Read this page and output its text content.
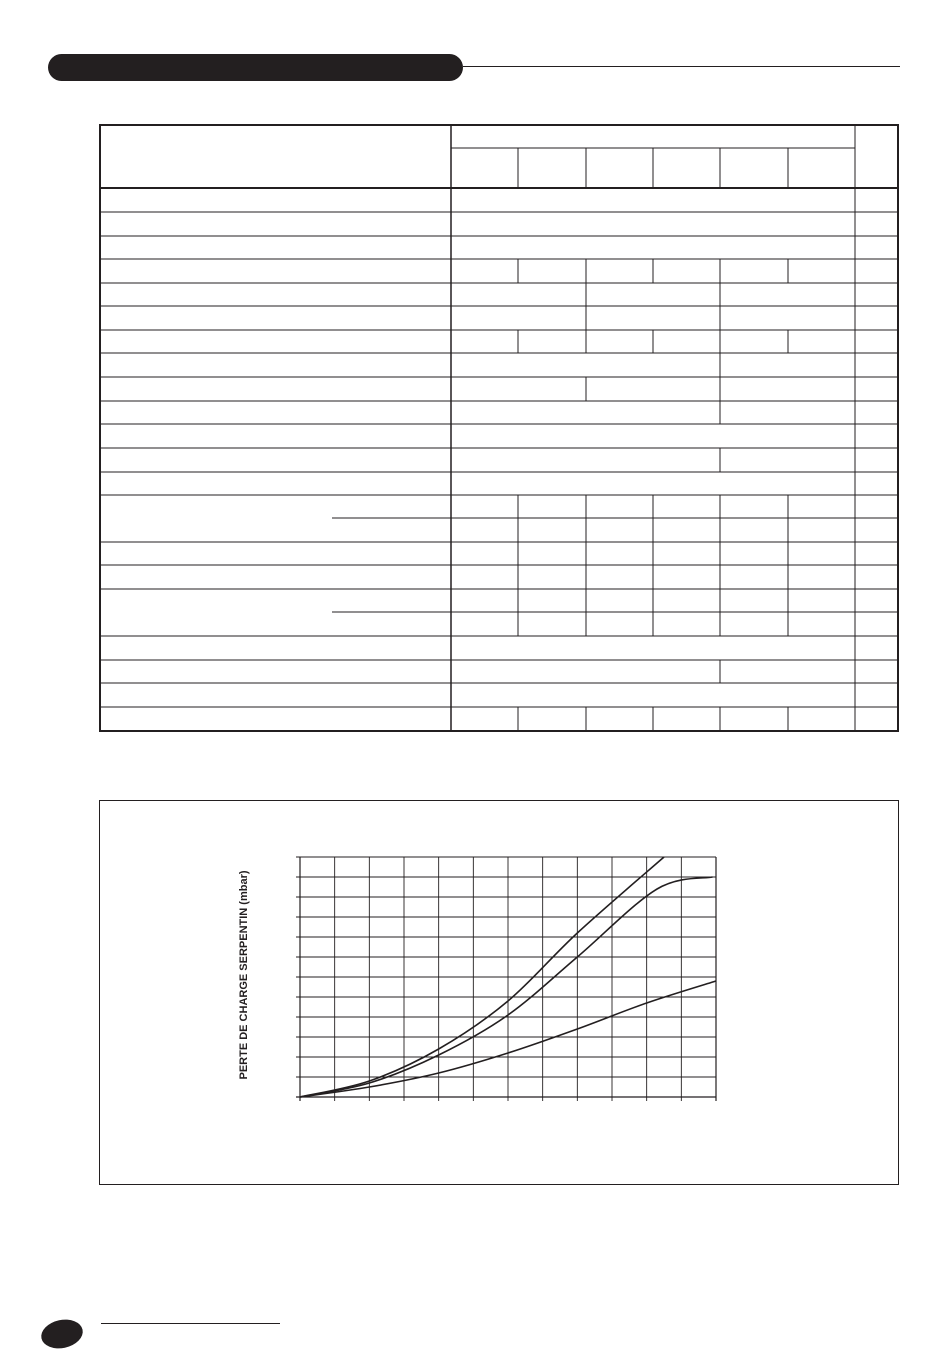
PERTE DE CHARGE SERPENTIN (mbar)
